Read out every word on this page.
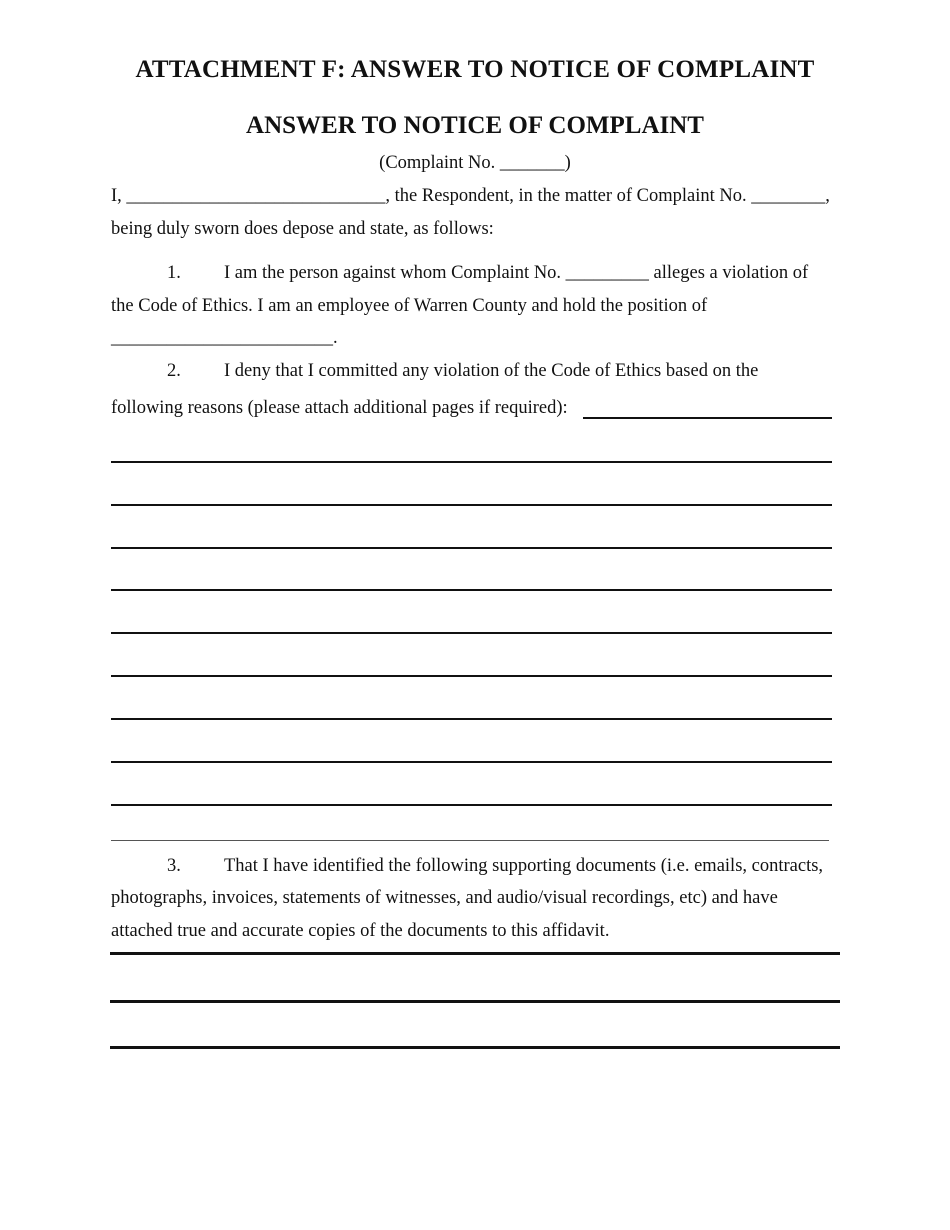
ATTACHMENT F: ANSWER TO NOTICE OF COMPLAINT
ANSWER TO NOTICE OF COMPLAINT
(Complaint No. _______)
I, ____________________________, the Respondent, in the matter of Complaint No. ________,
being duly sworn does depose and state, as follows:
1. I am the person against whom Complaint No. _________ alleges a violation of
the Code of Ethics. I am an employee of Warren County and hold the position of
________________________.
2. I deny that I committed any violation of the Code of Ethics based on the
following reasons (please attach additional pages if required):
3. That I have identified the following supporting documents (i.e. emails, contracts,
photographs, invoices, statements of witnesses, and audio/visual recordings, etc) and have
attached true and accurate copies of the documents to this affidavit.
